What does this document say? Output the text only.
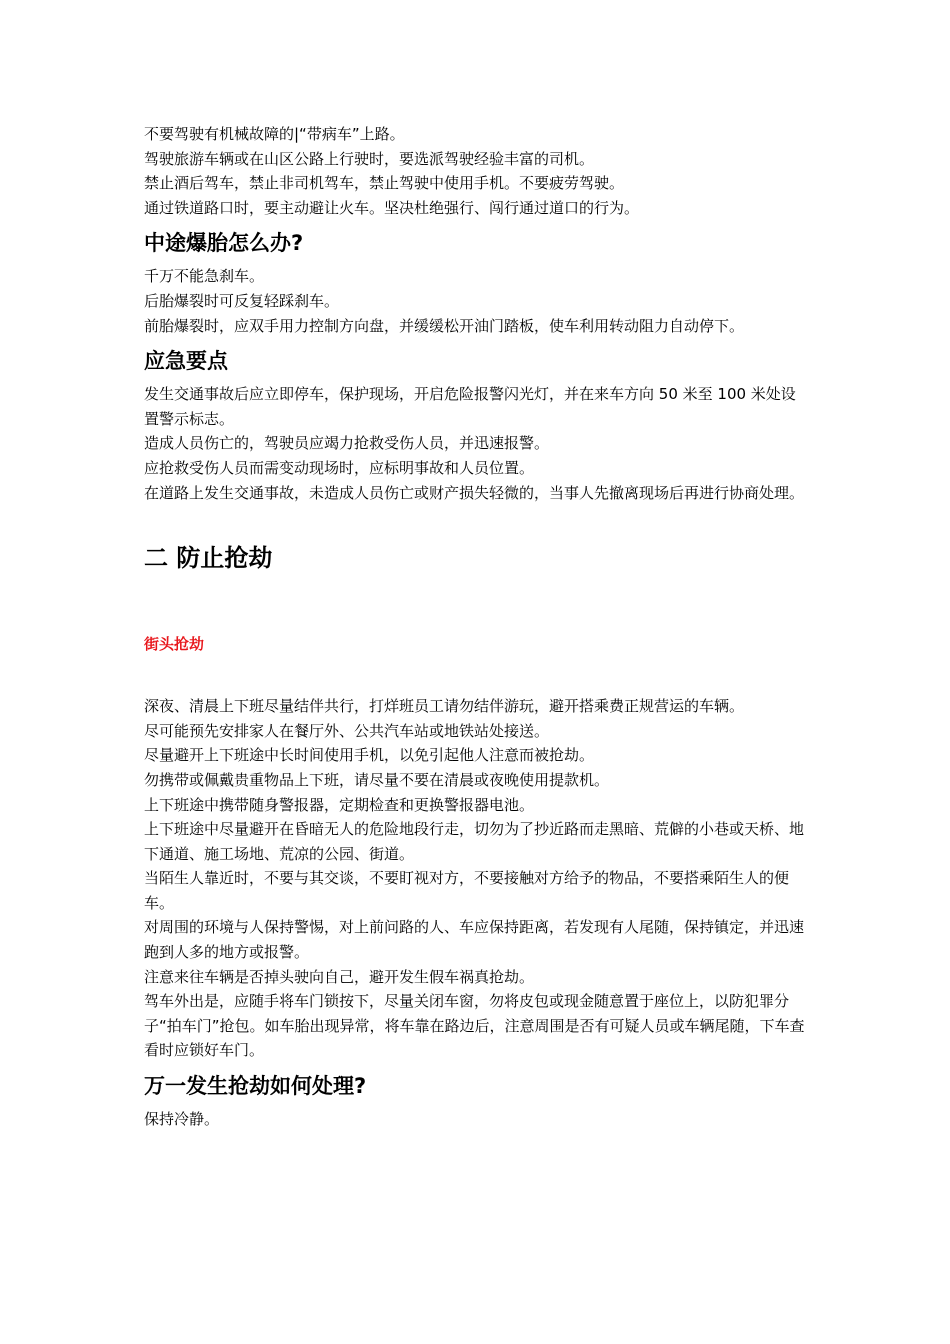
不要驾驶有机械故障的|“带病车”上路。

驾驶旅游车辆或在山区公路上行驶时，要选派驾驶经验丰富的司机。

禁止酒后驾车，禁止非司机驾车，禁止驾驶中使用手机。不要疲劳驾驶。

通过铁道路口时，要主动避让火车。坚决杜绝强行、闯行通过道口的行为。

中途爆胎怎么办?

千万不能急刹车。

后胎爆裂时可反复轻踩刹车。

前胎爆裂时，应双手用力控制方向盘，并缓缓松开油门踏板，使车利用转动阻力自动停下。

应急要点

发生交通事故后应立即停车，保护现场，开启危险报警闪光灯，并在来车方向 50 米至 100 米处设置警示标志。

造成人员伤亡的，驾驶员应竭力抢救受伤人员，并迅速报警。

应抢救受伤人员而需变动现场时，应标明事故和人员位置。

在道路上发生交通事故，未造成人员伤亡或财产损失轻微的，当事人先撤离现场后再进行协商处理。

二 防止抢劫

街头抢劫

深夜、清晨上下班尽量结伴共行，打烊班员工请勿结伴游玩，避开搭乘费正规营运的车辆。

尽可能预先安排家人在餐厅外、公共汽车站或地铁站处接送。

尽量避开上下班途中长时间使用手机，以免引起他人注意而被抢劫。

勿携带或佩戴贵重物品上下班，请尽量不要在清晨或夜晚使用提款机。

上下班途中携带随身警报器，定期检查和更换警报器电池。

上下班途中尽量避开在昏暗无人的危险地段行走，切勿为了抄近路而走黑暗、荒僻的小巷或天桥、地下通道、施工场地、荒凉的公园、街道。

当陌生人靠近时，不要与其交谈，不要盯视对方，不要接触对方给予的物品，不要搭乘陌生人的便车。

对周围的环境与人保持警惕，对上前问路的人、车应保持距离，若发现有人尾随，保持镇定，并迅速跑到人多的地方或报警。

注意来往车辆是否掉头驶向自己，避开发生假车祸真抢劫。

驾车外出是，应随手将车门锁按下，尽量关闭车窗，勿将皮包或现金随意置于座位上，以防犯罪分子“拍车门”抢包。如车胎出现异常，将车靠在路边后，注意周围是否有可疑人员或车辆尾随，下车查看时应锁好车门。

万一发生抢劫如何处理?

保持冷静。
